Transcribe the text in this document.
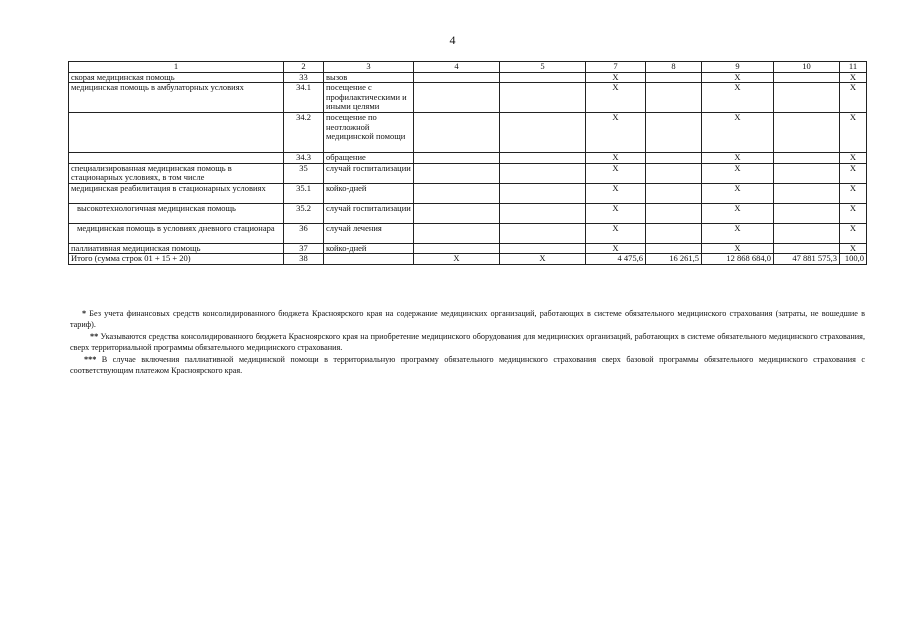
4
1	2	3	4	5	7	8	9	10	11
скорая медицинская помощь	33	вызов			X		X		X
медицинская помощь в амбулаторных условиях	34.1	посещение с профилактическими и иными целями			X		X		X
	34.2	посещение по неотложной медицинской помощи			X		X		X
	34.3	обращение			X		X		X
специализированная медицинская помощь в стационарных условиях, в том числе	35	случай госпитализации			X		X		X
медицинская реабилитация в стационарных условиях	35.1	койко-дней			X		X		X
высокотехнологичная медицинская помощь	35.2	случай госпитализации			X		X		X
медицинская помощь в условиях дневного стационара	36	случай лечения			X		X		X
паллиативная медицинская помощь	37	койко-дней			X		X		X
Итого (сумма строк 01 + 15 + 20)	38		X	X	4 475,6	16 261,5	12 868 684,0	47 881 575,3	100,0

* Без учета финансовых средств консолидированного бюджета Красноярского края на содержание медицинских организаций, работающих в системе обязательного медицинского страхования (затраты, не вошедшие в тариф).

** Указываются средства консолидированного бюджета Красноярского края на приобретение медицинского оборудования для медицинских организаций, работающих в системе обязательного медицинского страхования, сверх территориальной программы обязательного медицинского страхования.

*** В случае включения паллиативной медицинской помощи в территориальную программу обязательного медицинского страхования сверх базовой программы обязательного медицинского страхования с соответствующим платежом Красноярского края.
